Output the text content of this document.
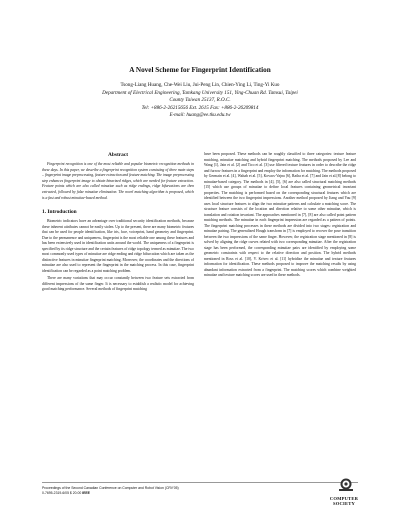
A Novel Scheme for Fingerprint Identification
Tsong-Liang Huang, Che-Wei Liu, Jui-Peng Lin, Chien-Ying Li, Ting-Yi Kuo
Department of Electrical Engineering, Tamkang University 151, Ying-Chuan Rd. Tamsui, Taipei
County Taiwan 25137, R.O.C.
Tel: +886-2-26215656 Ext. 2615 Fax: +886-2-26209814
E-mail: huang@ee.tku.edu.tw
Abstract

Fingerprint recognition is one of the most reliable and popular biometric recognition methods in these days. In this paper, we describe a fingerprint recognition system consisting of three main steps – fingerprint image preprocessing, feature extraction and feature matching. The image preprocessing step enhances fingerprint image to obtain binarized ridges, which are needed for feature extraction. Feature points which are also called minutiae such as ridge endings, ridge bifurcations are then extracted, followed by false minutiae elimination. The novel matching algorithm is proposed, which is a fast and robust minutiae-based method.

1. Introduction

Biometric indicators have an advantage over traditional security identification methods, because these inherent attributes cannot be easily stolen. Up to the present, there are many biometric features that can be used for people identification, like iris, face, voiceprint, hand geometry and fingerprint. Due to the permanence and uniqueness, fingerprint is the most reliable one among these features and has been extensively used in identification units around the world. The uniqueness of a fingerprint is specified by its ridge structure and the certain features of ridge topology termed as minutiae. The two most commonly used types of minutiae are ridge ending and ridge bifurcation which are taken as the distinctive features in minutiae fingerprint matching. Moreover, the coordinates and the directions of minutiae are also used to represent the fingerprint in the matching process. In this case, fingerprint identification can be regarded as a point matching problem.

There are many variations that may occur constantly between two feature sets extracted from different impressions of the same finger. It is necessary to establish a realistic model for achieving good matching performance. Several methods of fingerprint matching

have been proposed. These methods can be roughly classified to three categories: texture feature matching, minutiae matching and hybrid fingerprint matching. The methods proposed by Lee and Wang [1], Jain et al. [2] and Tico et al. [3] use filtered texture features in order to describe the ridge and furrow features in a fingerprint and employ the information for matching. The methods proposed by Germain et al. [4], Wahab et al. [5], Kovacs-Vajna [6], Ratha et al. [7] and Jain et al.[8] belong to minutiae-based category. The methods in [4], [5], [6] are also called structural matching methods [15] which use groups of minutiae to define local features containing geometrical invariant properties. The matching is performed based on the corresponding structural features which are identified between the two fingerprint impressions. Another method proposed by Jiang and Yau [9] uses local structure features to align the two minutiae patterns and calculate a matching score. The structure feature consists of the location and direction relative to some other minutiae, which is translation and rotation invariant. The approaches mentioned in [7], [8] are also called point pattern matching methods. The minutiae in each fingerprint impression are regarded as a pattern of points. The fingerprint matching processes in these methods are divided into two stages: registration and minutiae pairing. The generalized Hough transform in [7] is employed to recover the pose transition between the two impressions of the same finger. However, the registration stage mentioned in [8] is solved by aligning the ridge curves related with two corresponding minutiae. After the registration stage has been performed, the corresponding minutiae pairs are identified by employing some geometric constraints with respect to the relative direction and position. The hybrid methods mentioned in Ross et al. [10], V. Krivec et al. [11] hybridize the minutiae and texture features information for identification. These methods proposed to improve the matching results by using abundant information extracted from a fingerprint. The matching scores which combine weighted minutiae and texture matching scores are used in these methods.

Proceedings of the Second Canadian Conference on Computer and Robot Vision (CRV'05)
0-7695-2319-6/05 $ 20.00 IEEE
COMPUTER
SOCIETY
